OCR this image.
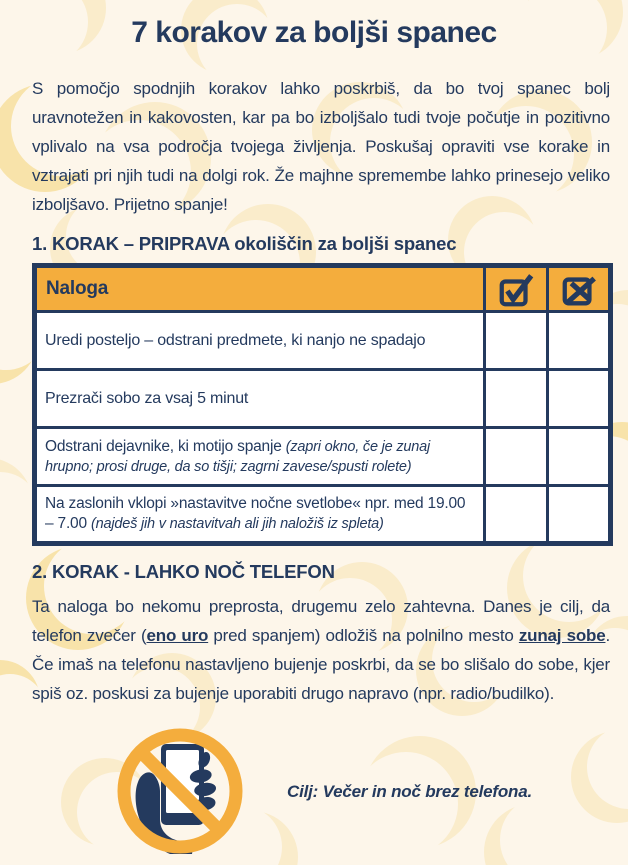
7 korakov za boljši spanec

S pomočjo spodnjih korakov lahko poskrbiš, da bo tvoj spanec bolj uravnotežen in kakovosten, kar pa bo izboljšalo tudi tvoje počutje in pozitivno vplivalo na vsa področja tvojega življenja. Poskušaj opraviti vse korake in vztrajati pri njih tudi na dolgi rok. Že majhne spremembe lahko prinesejo veliko izboljšavo. Prijetno spanje!

1. KORAK – PRIPRAVA okoliščin za boljši spanec
Naloga	

Uredi posteljo – odstrani predmete, ki nanjo ne spadajo		
Prezrači sobo za vsaj 5 minut		
Odstrani dejavnike, ki motijo spanje (zapri okno, če je zunaj hrupno; prosi druge, da so tišji; zagrni zavese/spusti rolete)		
Na zaslonih vklopi »nastavitve nočne svetlobe« npr. med 19.00 – 7.00 (najdeš jih v nastavitvah ali jih naložiš iz spleta)		
2. KORAK - LAHKO NOČ TELEFON

Ta naloga bo nekomu preprosta, drugemu zelo zahtevna. Danes je cilj, da telefon zvečer (eno uro pred spanjem) odložiš na polnilno mesto zunaj sobe. Če imaš na telefonu nastavljeno bujenje poskrbi, da se bo slišalo do sobe, kjer spiš oz. poskusi za bujenje uporabiti drugo napravo (npr. radio/budilko).

Cilj: Večer in noč brez telefona.
